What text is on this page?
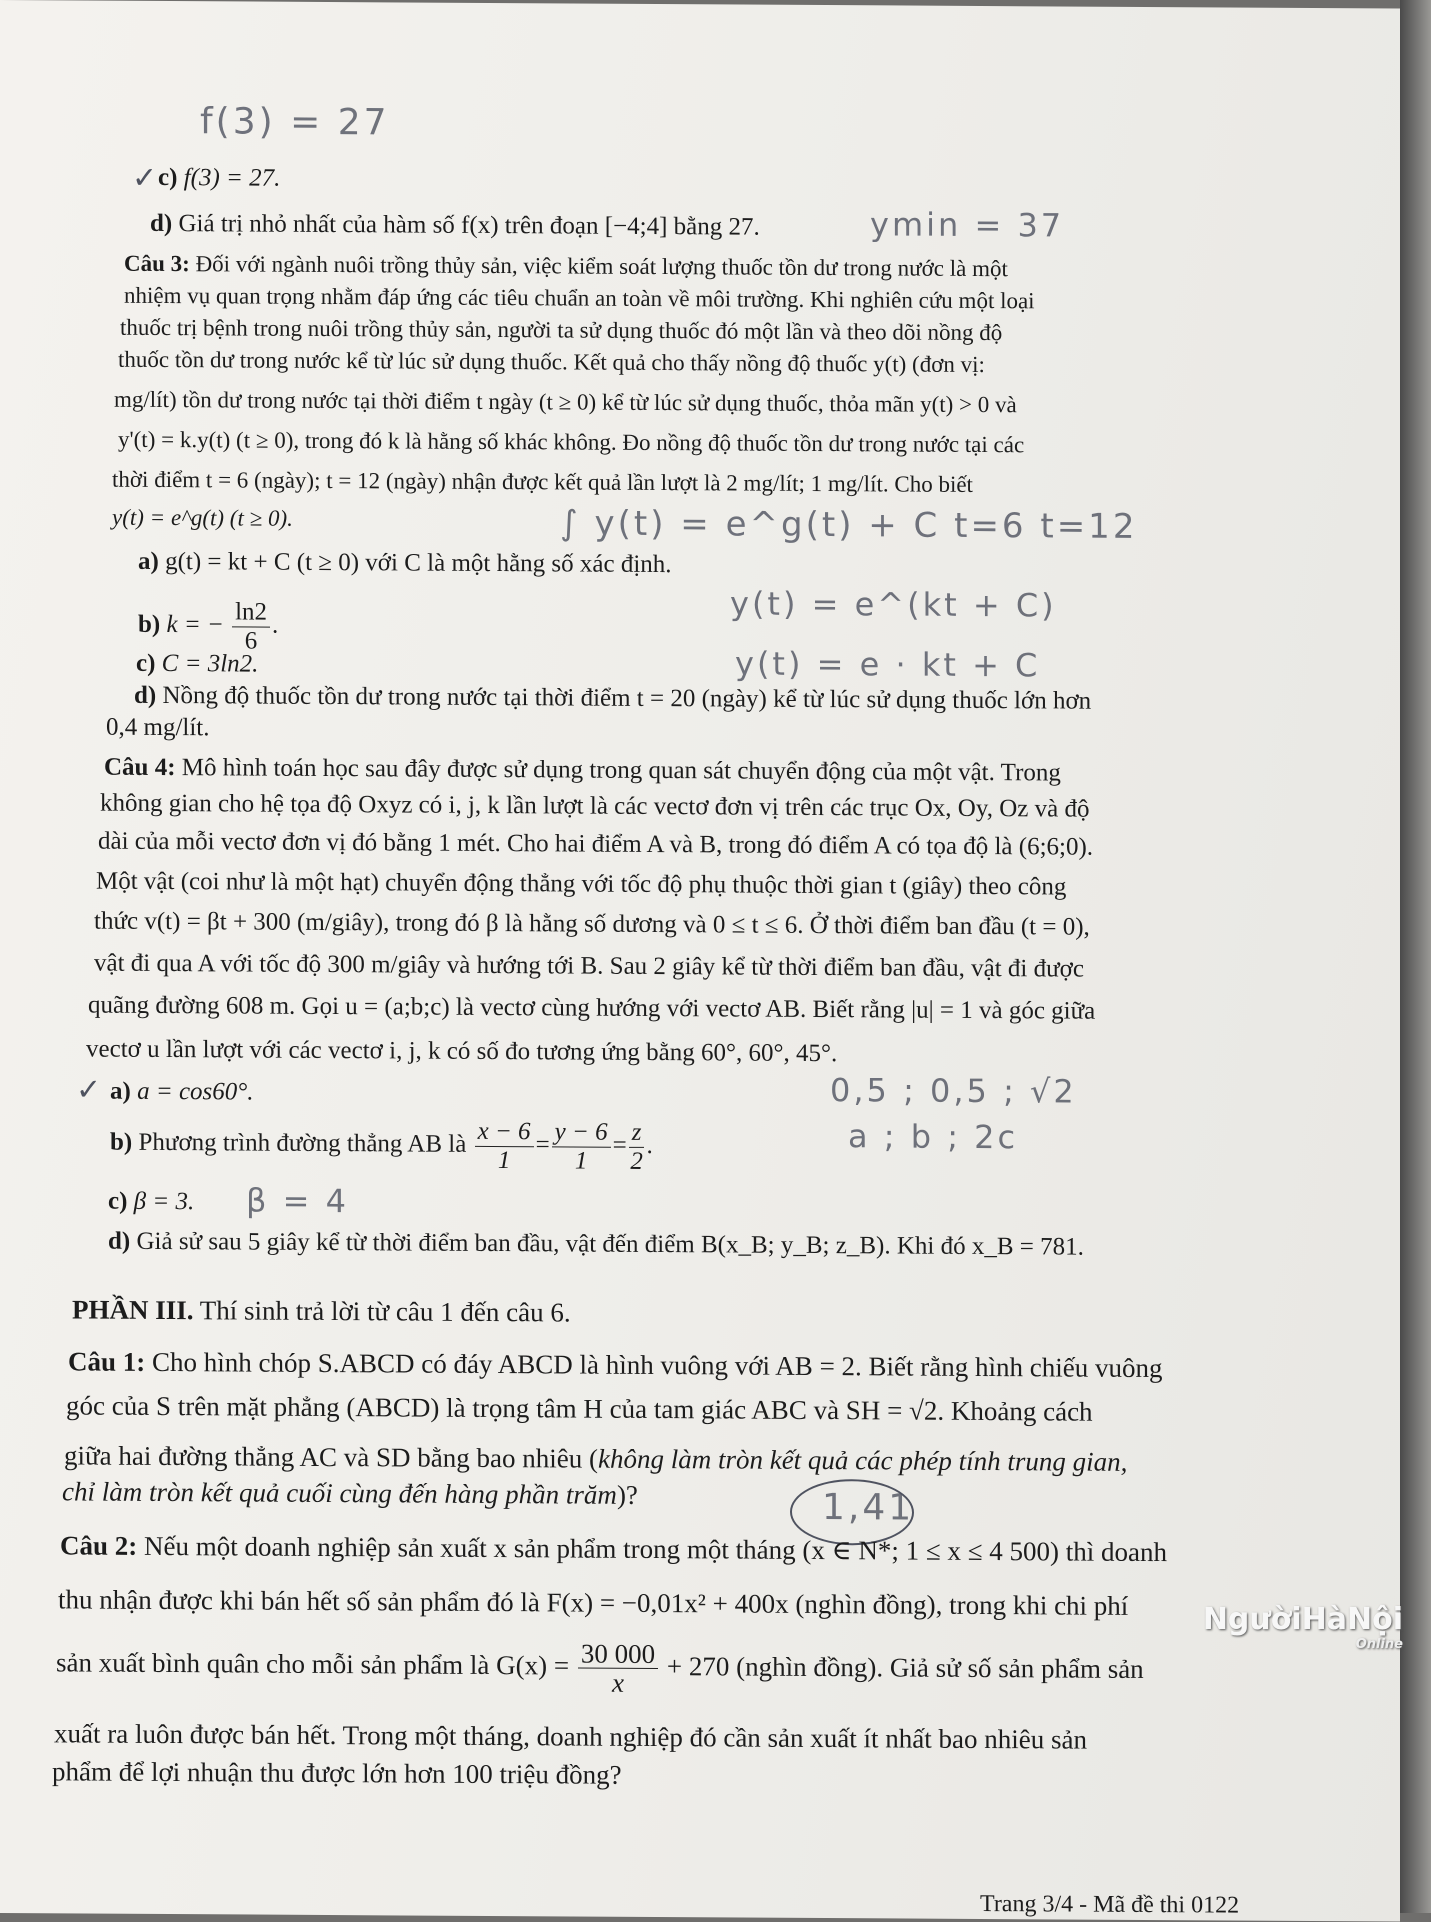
f(3) = 27
✓ c) f(3) = 27.
d) Giá trị nhỏ nhất của hàm số f(x) trên đoạn [−4;4] bằng 27.	ymin = 37
Câu 3: Đối với ngành nuôi trồng thủy sản, việc kiểm soát lượng thuốc tồn dư trong nước là một
nhiệm vụ quan trọng nhằm đáp ứng các tiêu chuẩn an toàn về môi trường. Khi nghiên cứu một loại
thuốc trị bệnh trong nuôi trồng thủy sản, người ta sử dụng thuốc đó một lần và theo dõi nồng độ
thuốc tồn dư trong nước kể từ lúc sử dụng thuốc. Kết quả cho thấy nồng độ thuốc y(t) (đơn vị:
mg/lít) tồn dư trong nước tại thời điểm t ngày (t ≥ 0) kể từ lúc sử dụng thuốc, thỏa mãn y(t) > 0 và
y'(t) = k.y(t) (t ≥ 0), trong đó k là hằng số khác không. Đo nồng độ thuốc tồn dư trong nước tại các
thời điểm t = 6 (ngày); t = 12 (ngày) nhận được kết quả lần lượt là 2 mg/lít; 1 mg/lít. Cho biết
y(t) = e^g(t) (t ≥ 0).	∫ y(t) = e^g(t) + C t=6 t=12
a) g(t) = kt + C (t ≥ 0) với C là một hằng số xác định.
y(t) = e^(kt + C)
b) k = − $\frac{\ln 2}{6}$ .
y(t) = e · kt + C
c) C = 3ln2.
d) Nồng độ thuốc tồn dư trong nước tại thời điểm t = 20 (ngày) kể từ lúc sử dụng thuốc lớn hơn
0,4 mg/lít.
Câu 4: Mô hình toán học sau đây được sử dụng trong quan sát chuyển động của một vật. Trong
không gian cho hệ tọa độ Oxyz có i, j, k lần lượt là các vectơ đơn vị trên các trục Ox, Oy, Oz và độ
dài của mỗi vectơ đơn vị đó bằng 1 mét. Cho hai điểm A và B, trong đó điểm A có tọa độ là (6;6;0).
Một vật (coi như là một hạt) chuyển động thẳng với tốc độ phụ thuộc thời gian t (giây) theo công
thức v(t) = βt + 300 (m/giây), trong đó β là hằng số dương và 0 ≤ t ≤ 6. Ở thời điểm ban đầu (t = 0),
vật đi qua A với tốc độ 300 m/giây và hướng tới B. Sau 2 giây kể từ thời điểm ban đầu, vật đi được
quãng đường 608 m. Gọi u = (a;b;c) là vectơ cùng hướng với vectơ AB. Biết rằng |u| = 1 và góc giữa
vectơ u lần lượt với các vectơ i, j, k có số đo tương ứng bằng 60°, 60°, 45°.
✓ a) a = cos60°.	0,5 ; 0,5 ; √2
b) Phương trình đường thẳng AB là $\frac{x - 6}{1} = \frac{y - 6}{1} = \frac{z}{2}$ .	a ; b ; 2c
c) β = 3. β = 4
d) Giả sử sau 5 giây kể từ thời điểm ban đầu, vật đến điểm B(x_B; y_B; z_B). Khi đó x_B = 781.
PHẦN III. Thí sinh trả lời từ câu 1 đến câu 6.
Câu 1: Cho hình chóp S.ABCD có đáy ABCD là hình vuông với AB = 2. Biết rằng hình chiếu vuông
góc của S trên mặt phẳng (ABCD) là trọng tâm H của tam giác ABC và SH = √2. Khoảng cách
giữa hai đường thẳng AC và SD bằng bao nhiêu (không làm tròn kết quả các phép tính trung gian,
chỉ làm tròn kết quả cuối cùng đến hàng phần trăm)?	1,41
Câu 2: Nếu một doanh nghiệp sản xuất x sản phẩm trong một tháng (x ∈ N*; 1 ≤ x ≤ 4 500) thì doanh
thu nhận được khi bán hết số sản phẩm đó là F(x) = −0,01x² + 400x (nghìn đồng), trong khi chi phí
sản xuất bình quân cho mỗi sản phẩm là $G(x) = \frac{30 000}{x} + 270$ (nghìn đồng). Giả sử số sản phẩm sản
xuất ra luôn được bán hết. Trong một tháng, doanh nghiệp đó cần sản xuất ít nhất bao nhiêu sản
phẩm để lợi nhuận thu được lớn hơn 100 triệu đồng?
Trang 3/4 - Mã đề thi 0122
NgườiHàNội
Online
